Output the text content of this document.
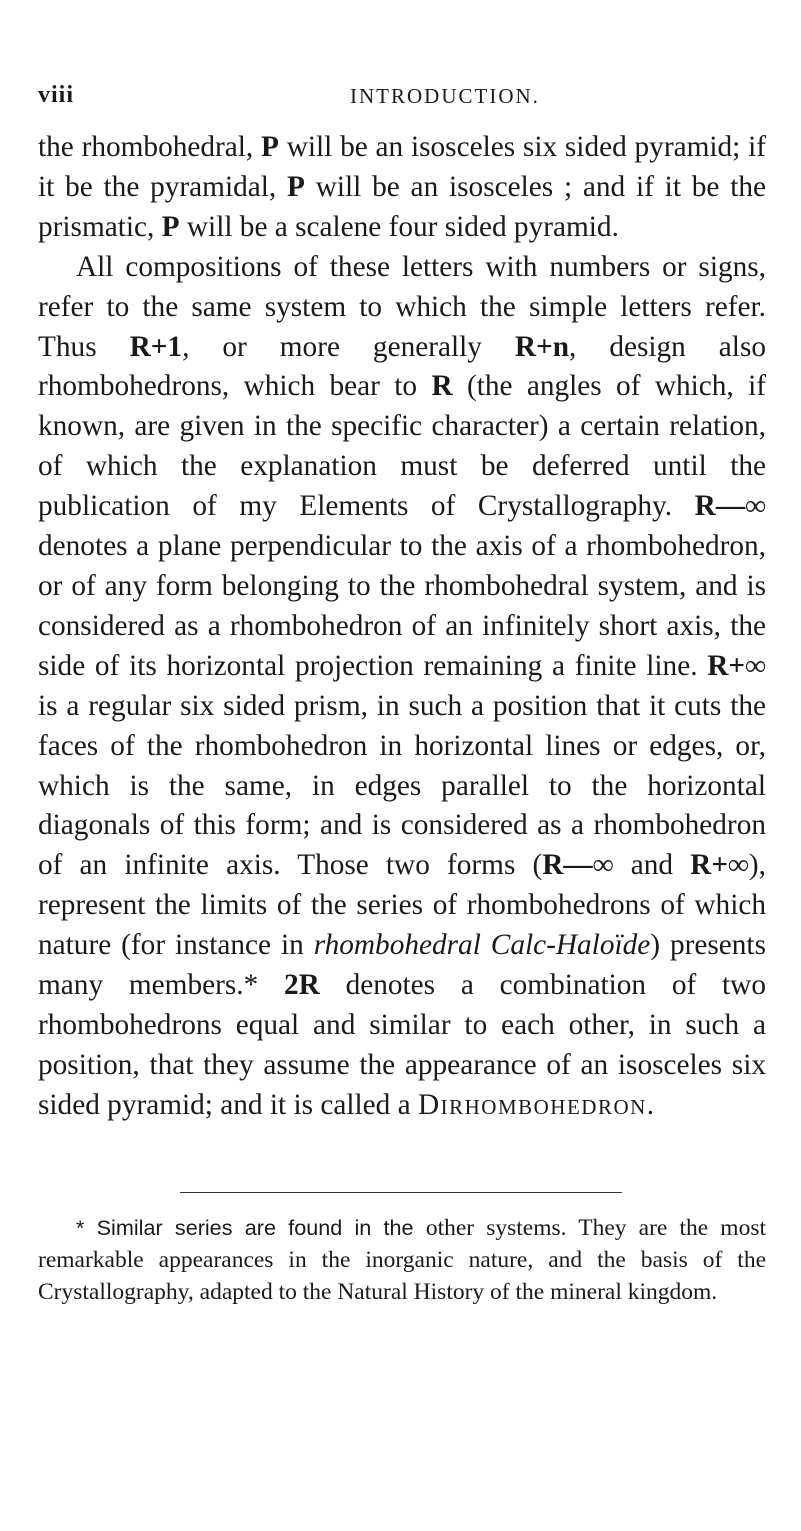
viii	INTRODUCTION.

the rhombohedral, P will be an isosceles six sided pyramid; if it be the pyramidal, P will be an isosceles ; and if it be the prismatic, P will be a scalene four sided pyramid.

All compositions of these letters with numbers or signs, refer to the same system to which the simple letters refer. Thus R+1, or more generally R+n, design also rhombohedrons, which bear to R (the angles of which, if known, are given in the specific character) a certain relation, of which the explanation must be deferred until the publication of my Elements of Crystallography. R—∞ denotes a plane perpendicular to the axis of a rhombohedron, or of any form belonging to the rhombohedral system, and is considered as a rhombohedron of an infinitely short axis, the side of its horizontal projection remaining a finite line. R+∞ is a regular six sided prism, in such a position that it cuts the faces of the rhombohedron in horizontal lines or edges, or, which is the same, in edges parallel to the horizontal diagonals of this form; and is considered as a rhombohedron of an infinite axis. Those two forms (R—∞ and R+∞), represent the limits of the series of rhombohedrons of which nature (for instance in rhombohedral Calc-Haloïde) presents many members.* 2R denotes a combination of two rhombohedrons equal and similar to each other, in such a position, that they assume the appearance of an isosceles six sided pyramid; and it is called a Dirhombohedron.

* Similar series are found in the other systems. They are the most remarkable appearances in the inorganic nature, and the basis of the Crystallography, adapted to the Natural History of the mineral kingdom.
